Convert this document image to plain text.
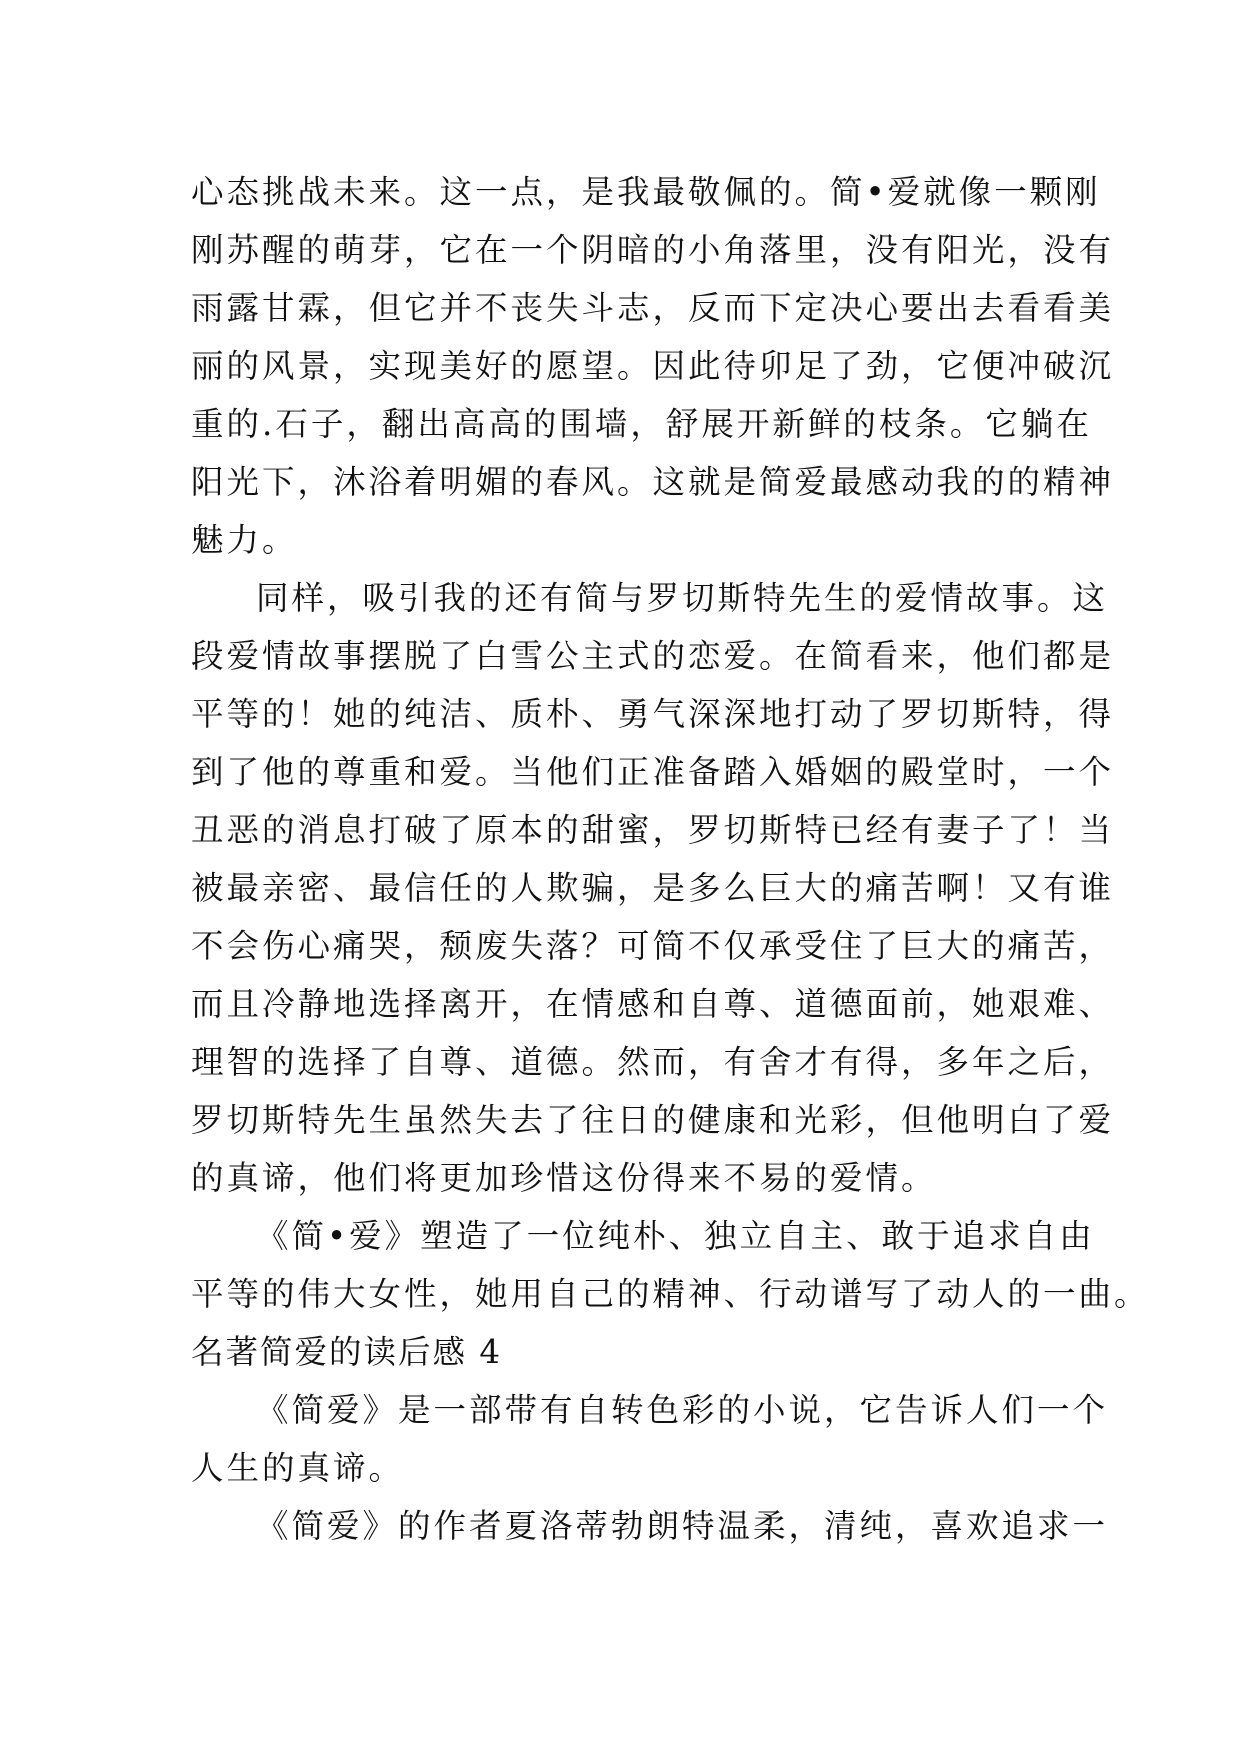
心态挑战未来。这一点，是我最敬佩的。简•爱就像一颗刚
刚苏醒的萌芽，它在一个阴暗的小角落里，没有阳光，没有
雨露甘霖，但它并不丧失斗志，反而下定决心要出去看看美
丽的风景，实现美好的愿望。因此待卯足了劲，它便冲破沉
重的.石子，翻出高高的围墙，舒展开新鲜的枝条。它躺在
阳光下，沐浴着明媚的春风。这就是简爱最感动我的的精神
魅力。
同样，吸引我的还有简与罗切斯特先生的爱情故事。这
段爱情故事摆脱了白雪公主式的恋爱。在简看来，他们都是
平等的！她的纯洁、质朴、勇气深深地打动了罗切斯特，得
到了他的尊重和爱。当他们正准备踏入婚姻的殿堂时，一个
丑恶的消息打破了原本的甜蜜，罗切斯特已经有妻子了！当
被最亲密、最信任的人欺骗，是多么巨大的痛苦啊！又有谁
不会伤心痛哭，颓废失落？可简不仅承受住了巨大的痛苦，
而且冷静地选择离开，在情感和自尊、道德面前，她艰难、
理智的选择了自尊、道德。然而，有舍才有得，多年之后，
罗切斯特先生虽然失去了往日的健康和光彩，但他明白了爱
的真谛，他们将更加珍惜这份得来不易的爱情。
《简•爱》塑造了一位纯朴、独立自主、敢于追求自由
平等的伟大女性，她用自己的精神、行动谱写了动人的一曲。
名著简爱的读后感 4
《简爱》是一部带有自转色彩的小说，它告诉人们一个
人生的真谛。
《简爱》的作者夏洛蒂勃朗特温柔，清纯，喜欢追求一
